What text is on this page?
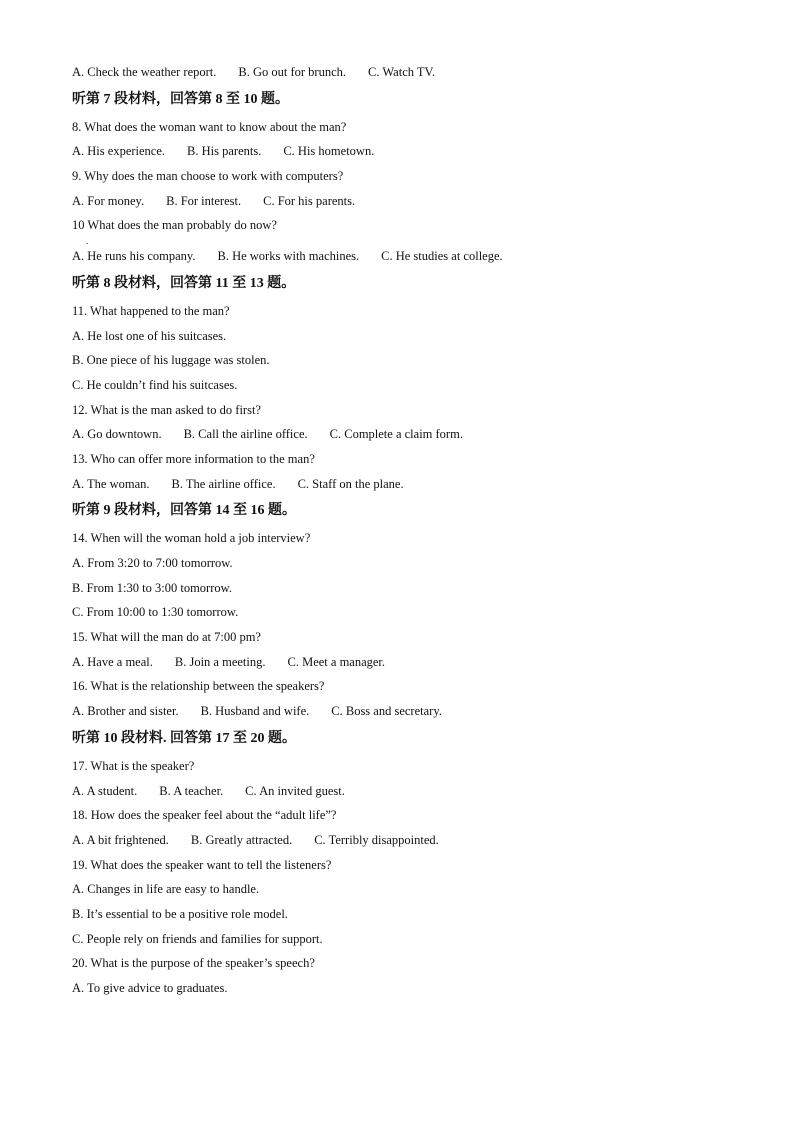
A. Check the weather report. B. Go out for brunch. C. Watch TV.
听第 7 段材料，回答第 8 至 10 题。
8. What does the woman want to know about the man?
A. His experience. B. His parents. C. His hometown.
9. Why does the man choose to work with computers?
A. For money. B. For interest. C. For his parents.
10 What does the man probably do now?
.
A. He runs his company. B. He works with machines. C. He studies at college.
听第 8 段材料，回答第 11 至 13 题。
11. What happened to the man?
A. He lost one of his suitcases.
B. One piece of his luggage was stolen.
C. He couldn’t find his suitcases.
12. What is the man asked to do first?
A. Go downtown. B. Call the airline office. C. Complete a claim form.
13. Who can offer more information to the man?
A. The woman. B. The airline office. C. Staff on the plane.
听第 9 段材料，回答第 14 至 16 题。
14. When will the woman hold a job interview?
A. From 3:20 to 7:00 tomorrow.
B. From 1:30 to 3:00 tomorrow.
C. From 10:00 to 1:30 tomorrow.
15. What will the man do at 7:00 pm?
A. Have a meal. B. Join a meeting. C. Meet a manager.
16. What is the relationship between the speakers?
A. Brother and sister. B. Husband and wife. C. Boss and secretary.
听第 10 段材料. 回答第 17 至 20 题。
17. What is the speaker?
A. A student. B. A teacher. C. An invited guest.
18. How does the speaker feel about the “adult life”?
A. A bit frightened. B. Greatly attracted. C. Terribly disappointed.
19. What does the speaker want to tell the listeners?
A. Changes in life are easy to handle.
B. It’s essential to be a positive role model.
C. People rely on friends and families for support.
20. What is the purpose of the speaker’s speech?
A. To give advice to graduates.
